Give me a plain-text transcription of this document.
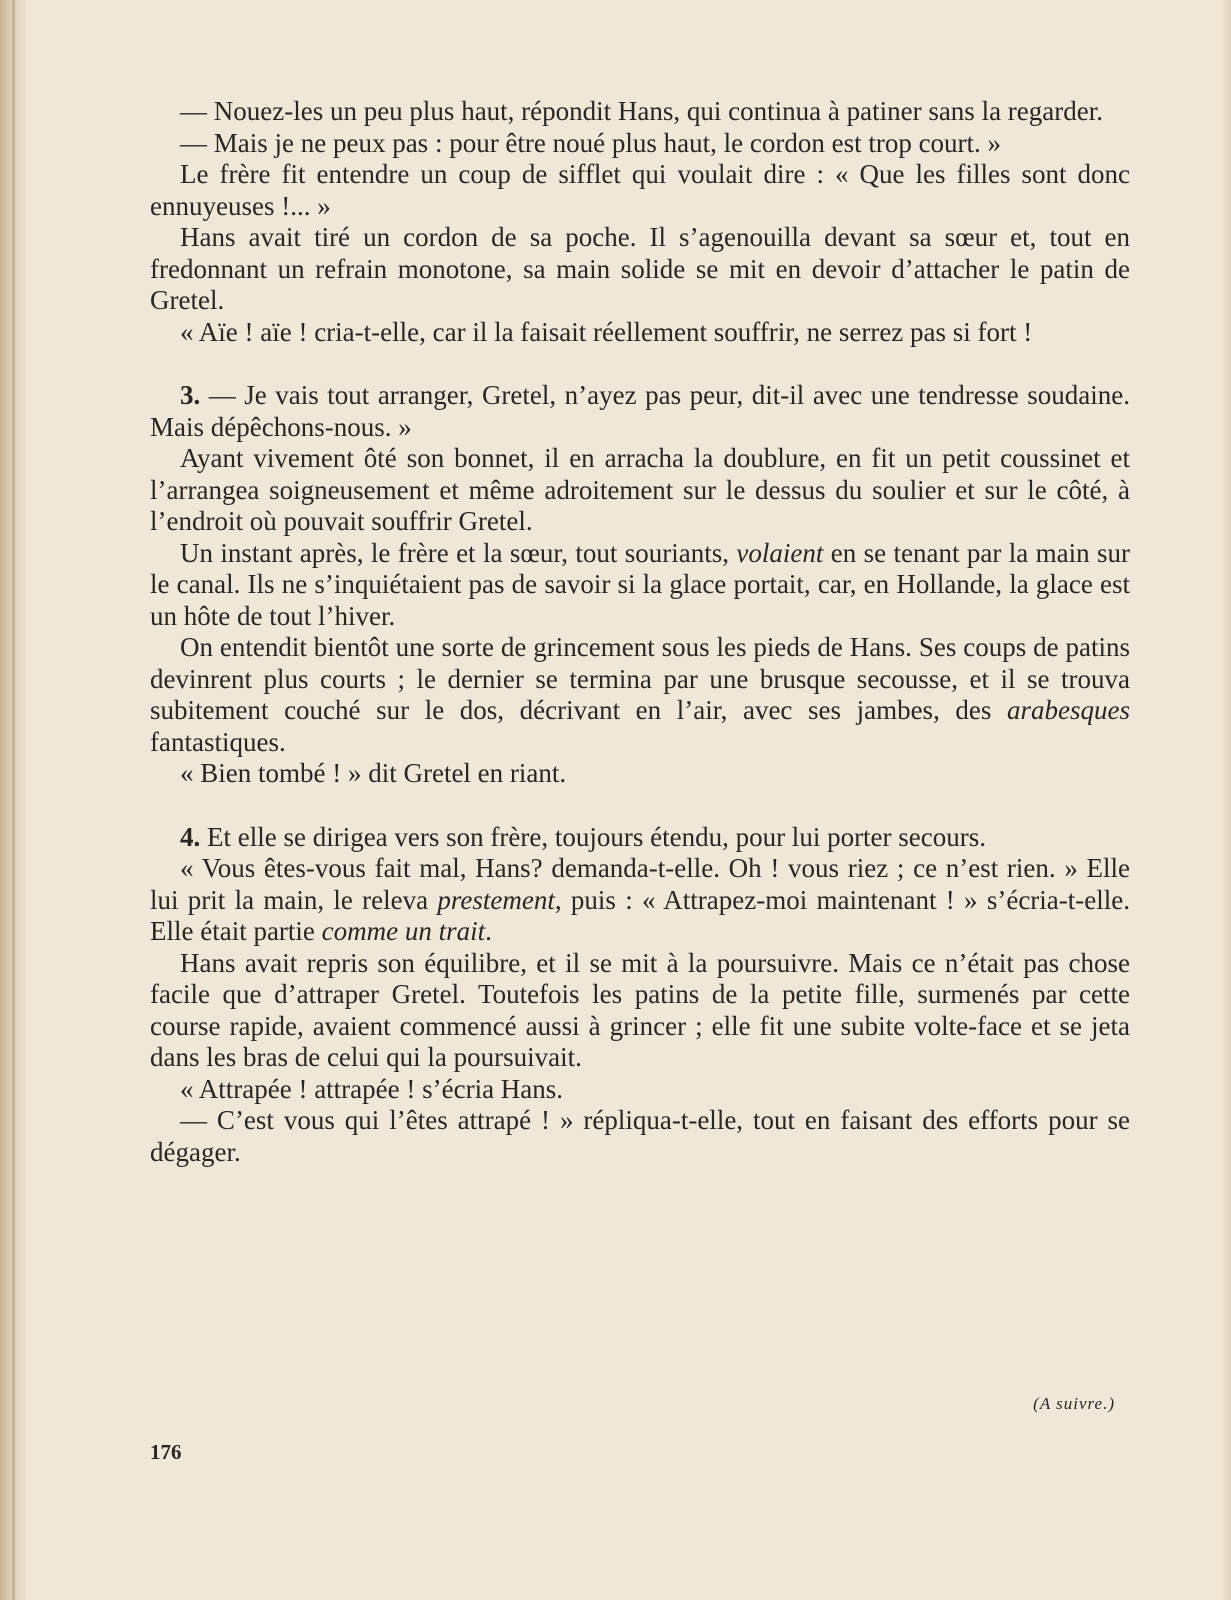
— Nouez-les un peu plus haut, répondit Hans, qui continua à patiner sans la regarder.

— Mais je ne peux pas : pour être noué plus haut, le cordon est trop court. »

Le frère fit entendre un coup de sifflet qui voulait dire : « Que les filles sont donc ennuyeuses !... »

Hans avait tiré un cordon de sa poche. Il s’agenouilla devant sa sœur et, tout en fredonnant un refrain monotone, sa main solide se mit en devoir d’attacher le patin de Gretel.

« Aïe ! aïe ! cria-t-elle, car il la faisait réellement souffrir, ne serrez pas si fort !

3. — Je vais tout arranger, Gretel, n’ayez pas peur, dit-il avec une tendresse soudaine. Mais dépêchons-nous. »

Ayant vivement ôté son bonnet, il en arracha la doublure, en fit un petit coussinet et l’arrangea soigneusement et même adroitement sur le dessus du soulier et sur le côté, à l’endroit où pouvait souffrir Gretel.

Un instant après, le frère et la sœur, tout souriants, volaient en se tenant par la main sur le canal. Ils ne s’inquiétaient pas de savoir si la glace portait, car, en Hollande, la glace est un hôte de tout l’hiver.

On entendit bientôt une sorte de grincement sous les pieds de Hans. Ses coups de patins devinrent plus courts ; le dernier se termina par une brusque secousse, et il se trouva subitement couché sur le dos, décrivant en l’air, avec ses jambes, des arabesques fantastiques.

« Bien tombé ! » dit Gretel en riant.

4. Et elle se dirigea vers son frère, toujours étendu, pour lui porter secours.

« Vous êtes-vous fait mal, Hans? demanda-t-elle. Oh ! vous riez ; ce n’est rien. » Elle lui prit la main, le releva prestement, puis : « Attrapez-moi maintenant ! » s’écria-t-elle. Elle était partie comme un trait.

Hans avait repris son équilibre, et il se mit à la poursuivre. Mais ce n’était pas chose facile que d’attraper Gretel. Toutefois les patins de la petite fille, surmenés par cette course rapide, avaient commencé aussi à grincer ; elle fit une subite volte-face et se jeta dans les bras de celui qui la poursuivait.

« Attrapée ! attrapée ! s’écria Hans.

— C’est vous qui l’êtes attrapé ! » répliqua-t-elle, tout en faisant des efforts pour se dégager.

(A suivre.)
176
